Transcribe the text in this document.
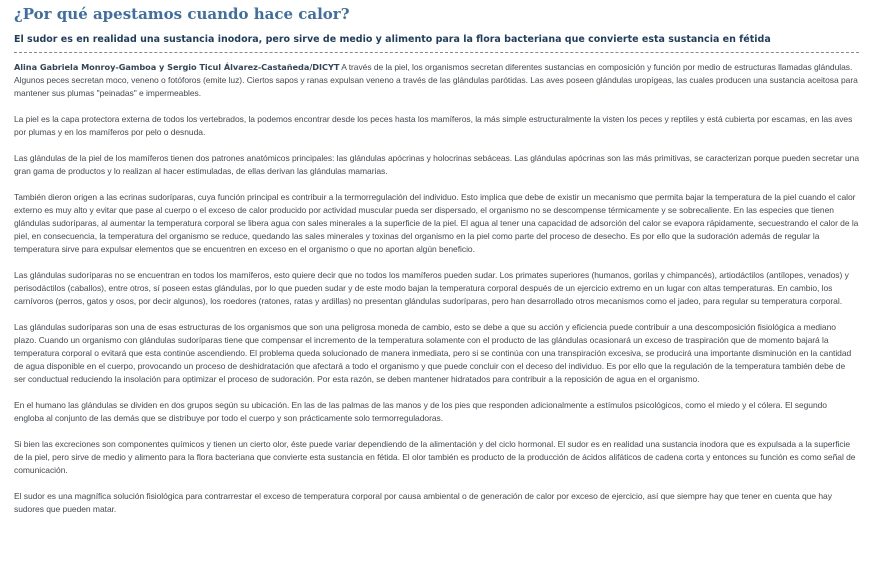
¿Por qué apestamos cuando hace calor?
El sudor es en realidad una sustancia inodora, pero sirve de medio y alimento para la flora bacteriana que convierte esta sustancia en fétida

Alina Gabriela Monroy-Gamboa y Sergio Ticul Álvarez-Castañeda/DICYT A través de la piel, los organismos secretan diferentes sustancias en composición y función por medio de estructuras llamadas glándulas. Algunos peces secretan moco, veneno o fotóforos (emite luz). Ciertos sapos y ranas expulsan veneno a través de las glándulas parótidas. Las aves poseen glándulas uropígeas, las cuales producen una sustancia aceitosa para mantener sus plumas "peinadas" e impermeables.

La piel es la capa protectora externa de todos los vertebrados, la podemos encontrar desde los peces hasta los mamíferos, la más simple estructuralmente la visten los peces y reptiles y está cubierta por escamas, en las aves por plumas y en los mamíferos por pelo o desnuda.

Las glándulas de la piel de los mamíferos tienen dos patrones anatómicos principales: las glándulas apócrinas y holocrinas sebáceas. Las glándulas apócrinas son las más primitivas, se caracterizan porque pueden secretar una gran gama de productos y lo realizan al hacer estimuladas, de ellas derivan las glándulas mamarias.

También dieron origen a las ecrinas sudoríparas, cuya función principal es contribuir a la termorregulación del individuo. Esto implica que debe de existir un mecanismo que permita bajar la temperatura de la piel cuando el calor externo es muy alto y evitar que pase al cuerpo o el exceso de calor producido por actividad muscular pueda ser dispersado, el organismo no se descompense térmicamente y se sobrecaliente. En las especies que tienen glándulas sudoríparas, al aumentar la temperatura corporal se libera agua con sales minerales a la superficie de la piel. El agua al tener una capacidad de adsorción del calor se evapora rápidamente, secuestrando el calor de la piel, en consecuencia, la temperatura del organismo se reduce, quedando las sales minerales y toxinas del organismo en la piel como parte del proceso de desecho. Es por ello que la sudoración además de regular la temperatura sirve para expulsar elementos que se encuentren en exceso en el organismo o que no aportan algún beneficio.

Las glándulas sudoríparas no se encuentran en todos los mamíferos, esto quiere decir que no todos los mamíferos pueden sudar. Los primates superiores (humanos, gorilas y chimpancés), artiodáctilos (antílopes, venados) y perisodáctilos (caballos), entre otros, sí poseen estas glándulas, por lo que pueden sudar y de este modo bajan la temperatura corporal después de un ejercicio extremo en un lugar con altas temperaturas. En cambio, los carnívoros (perros, gatos y osos, por decir algunos), los roedores (ratones, ratas y ardillas) no presentan glándulas sudoríparas, pero han desarrollado otros mecanismos como el jadeo, para regular su temperatura corporal.

Las glándulas sudoríparas son una de esas estructuras de los organismos que son una peligrosa moneda de cambio, esto se debe a que su acción y eficiencia puede contribuir a una descomposición fisiológica a mediano plazo. Cuando un organismo con glándulas sudoríparas tiene que compensar el incremento de la temperatura solamente con el producto de las glándulas ocasionará un exceso de traspiración que de momento bajará la temperatura corporal o evitará que esta continúe ascendiendo. El problema queda solucionado de manera inmediata, pero si se continúa con una transpiración excesiva, se producirá una importante disminución en la cantidad de agua disponible en el cuerpo, provocando un proceso de deshidratación que afectará a todo el organismo y que puede concluir con el deceso del individuo. Es por ello que la regulación de la temperatura también debe de ser conductual reduciendo la insolación para optimizar el proceso de sudoración. Por esta razón, se deben mantener hidratados para contribuir a la reposición de agua en el organismo.

En el humano las glándulas se dividen en dos grupos según su ubicación. En las de las palmas de las manos y de los pies que responden adicionalmente a estímulos psicológicos, como el miedo y el cólera. El segundo engloba al conjunto de las demás que se distribuye por todo el cuerpo y son prácticamente solo termorreguladoras.

Si bien las excreciones son componentes químicos y tienen un cierto olor, éste puede variar dependiendo de la alimentación y del ciclo hormonal. El sudor es en realidad una sustancia inodora que es expulsada a la superficie de la piel, pero sirve de medio y alimento para la flora bacteriana que convierte esta sustancia en fétida. El olor también es producto de la producción de ácidos alifáticos de cadena corta y entonces su función es como señal de comunicación.

El sudor es una magnífica solución fisiológica para contrarrestar el exceso de temperatura corporal por causa ambiental o de generación de calor por exceso de ejercicio, así que siempre hay que tener en cuenta que hay sudores que pueden matar.
